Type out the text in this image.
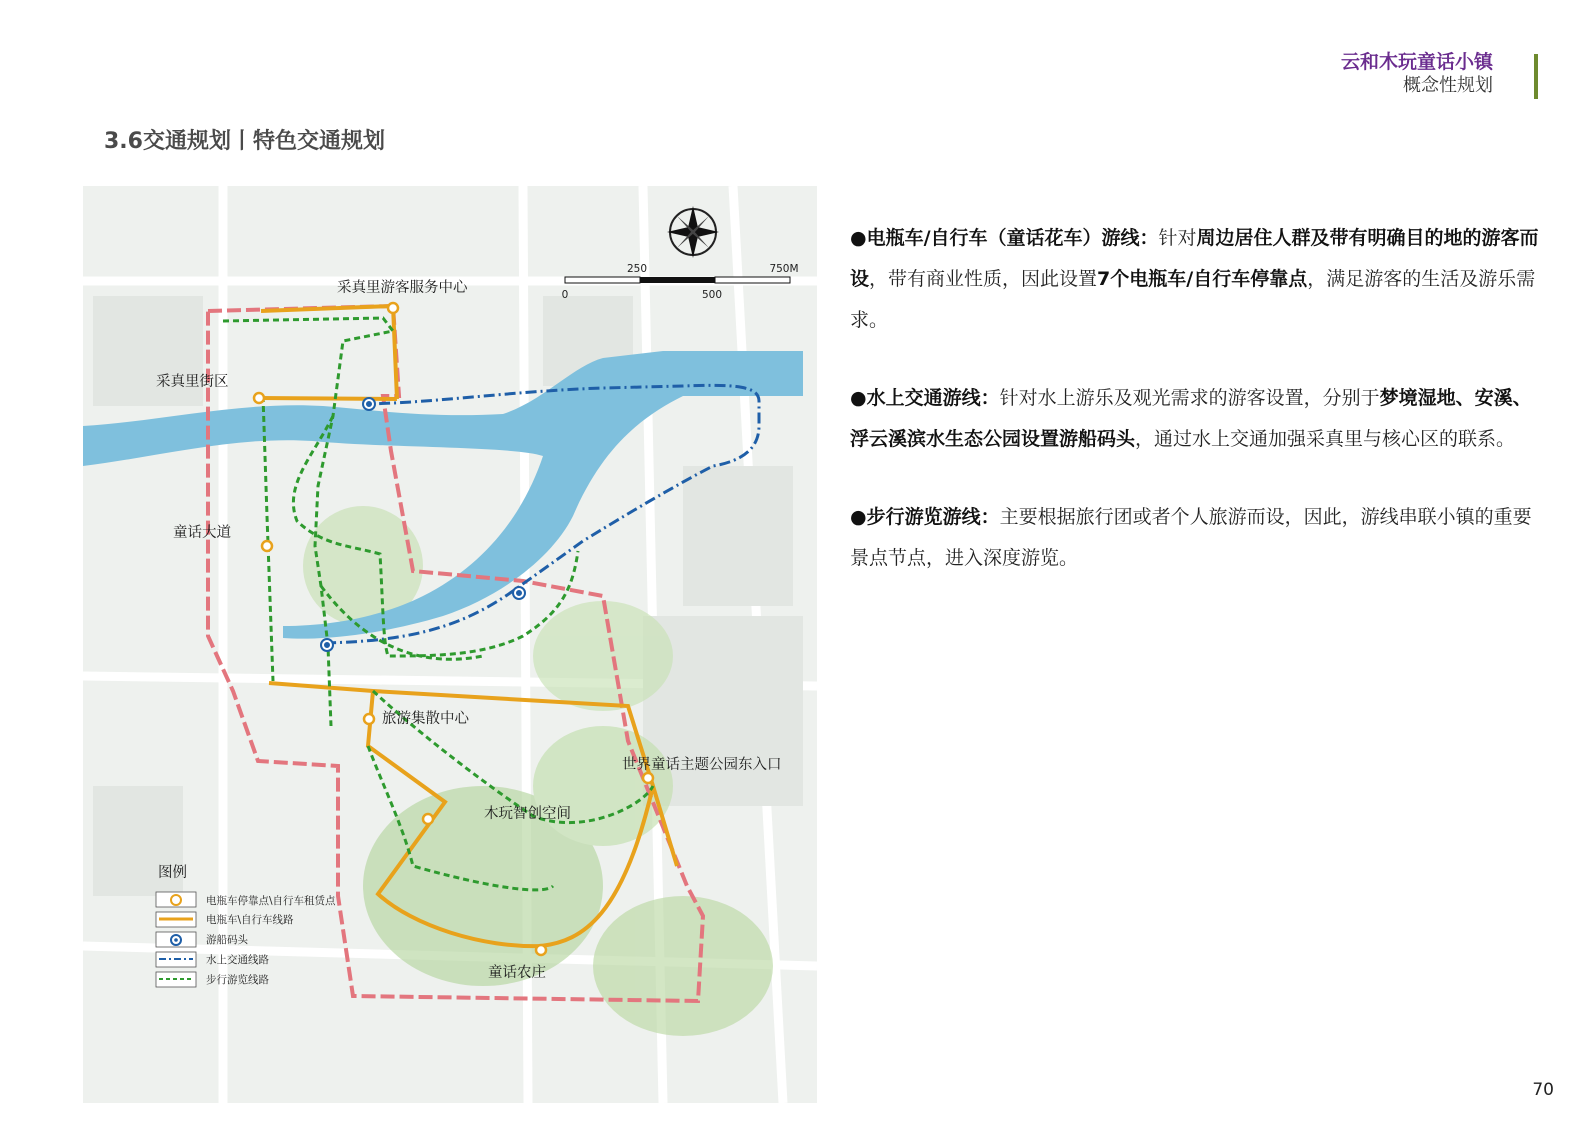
云和木玩童话小镇
概念性规划
3.6交通规划丨特色交通规划
0
250
500
750M
采真里游客服务中心
采真里街区
童话大道
旅游集散中心
世界童话主题公园东入口
木玩智创空间
童话农庄
图例
电瓶车停靠点\自行车租赁点
电瓶车\自行车线路
游船码头
水上交通线路
步行游览线路
●电瓶车/自行车（童话花车）游线：针对周边居住人群及带有明确目的地的游客而设，带有商业性质，因此设置7个电瓶车/自行车停靠点，满足游客的生活及游乐需求。
●水上交通游线：针对水上游乐及观光需求的游客设置，分别于梦境湿地、安溪、浮云溪滨水生态公园设置游船码头，通过水上交通加强采真里与核心区的联系。
●步行游览游线：主要根据旅行团或者个人旅游而设，因此，游线串联小镇的重要景点节点，进入深度游览。
70
